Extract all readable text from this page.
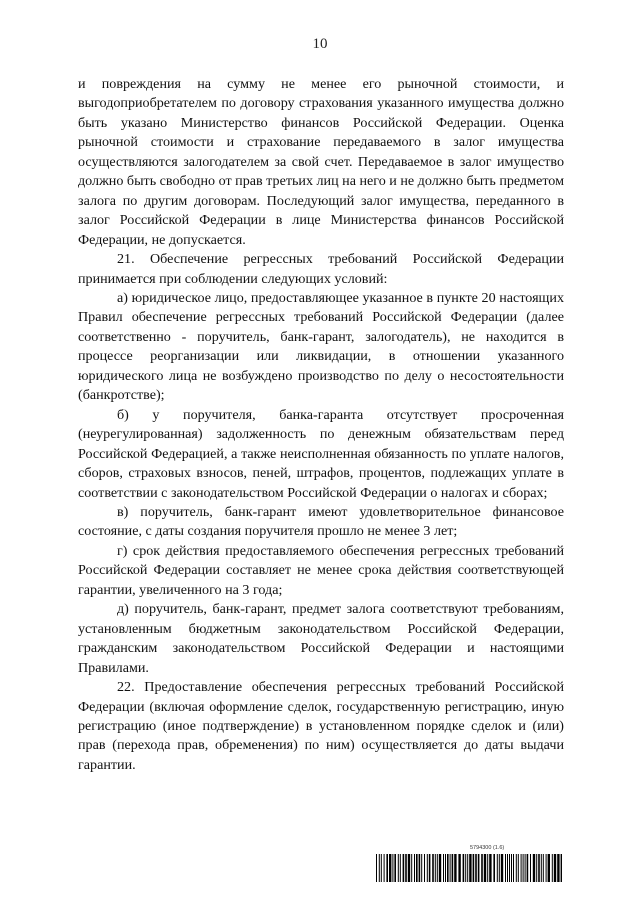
10

и повреждения на сумму не менее его рыночной стоимости, и выгодоприобретателем по договору страхования указанного имущества должно быть указано Министерство финансов Российской Федерации. Оценка рыночной стоимости и страхование передаваемого в залог имущества осуществляются залогодателем за свой счет. Передаваемое в залог имущество должно быть свободно от прав третьих лиц на него и не должно быть предметом залога по другим договорам. Последующий залог имущества, переданного в залог Российской Федерации в лице Министерства финансов Российской Федерации, не допускается.

21. Обеспечение регрессных требований Российской Федерации принимается при соблюдении следующих условий:

а) юридическое лицо, предоставляющее указанное в пункте 20 настоящих Правил обеспечение регрессных требований Российской Федерации (далее соответственно - поручитель, банк-гарант, залогодатель), не находится в процессе реорганизации или ликвидации, в отношении указанного юридического лица не возбуждено производство по делу о несостоятельности (банкротстве);

б) у поручителя, банка-гаранта отсутствует просроченная (неурегулированная) задолженность по денежным обязательствам перед Российской Федерацией, а также неисполненная обязанность по уплате налогов, сборов, страховых взносов, пеней, штрафов, процентов, подлежащих уплате в соответствии с законодательством Российской Федерации о налогах и сборах;

в) поручитель, банк-гарант имеют удовлетворительное финансовое состояние, с даты создания поручителя прошло не менее 3 лет;

г) срок действия предоставляемого обеспечения регрессных требований Российской Федерации составляет не менее срока действия соответствующей гарантии, увеличенного на 3 года;

д) поручитель, банк-гарант, предмет залога соответствуют требованиям, установленным бюджетным законодательством Российской Федерации, гражданским законодательством Российской Федерации и настоящими Правилами.

22. Предоставление обеспечения регрессных требований Российской Федерации (включая оформление сделок, государственную регистрацию, иную регистрацию (иное подтверждение) в установленном порядке сделок и (или) прав (перехода прав, обременения) по ним) осуществляется до даты выдачи гарантии.

5794300 (1.6)
